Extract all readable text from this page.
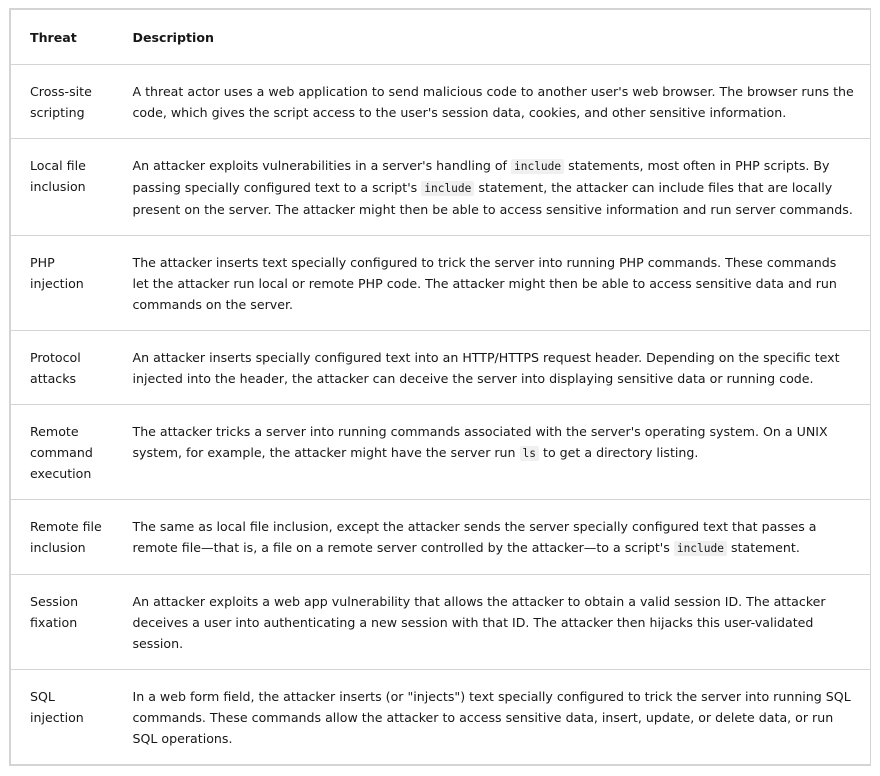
Threat	Description
Cross-site scripting	A threat actor uses a web application to send malicious code to another user's web browser. The browser runs the code, which gives the script access to the user's session data, cookies, and other sensitive information.
Local file inclusion	An attacker exploits vulnerabilities in a server's handling of include statements, most often in PHP scripts. By passing specially configured text to a script's include statement, the attacker can include files that are locally present on the server. The attacker might then be able to access sensitive information and run server commands.
PHP injection	The attacker inserts text specially configured to trick the server into running PHP commands. These commands let the attacker run local or remote PHP code. The attacker might then be able to access sensitive data and run commands on the server.
Protocol attacks	An attacker inserts specially configured text into an HTTP/HTTPS request header. Depending on the specific text injected into the header, the attacker can deceive the server into displaying sensitive data or running code.
Remote command execution	The attacker tricks a server into running commands associated with the server's operating system. On a UNIX system, for example, the attacker might have the server run ls to get a directory listing.
Remote file inclusion	The same as local file inclusion, except the attacker sends the server specially configured text that passes a remote file—that is, a file on a remote server controlled by the attacker—to a script's include statement.
Session fixation	An attacker exploits a web app vulnerability that allows the attacker to obtain a valid session ID. The attacker deceives a user into authenticating a new session with that ID. The attacker then hijacks this user-validated session.
SQL injection	In a web form field, the attacker inserts (or "injects") text specially configured to trick the server into running SQL commands. These commands allow the attacker to access sensitive data, insert, update, or delete data, or run SQL operations.
